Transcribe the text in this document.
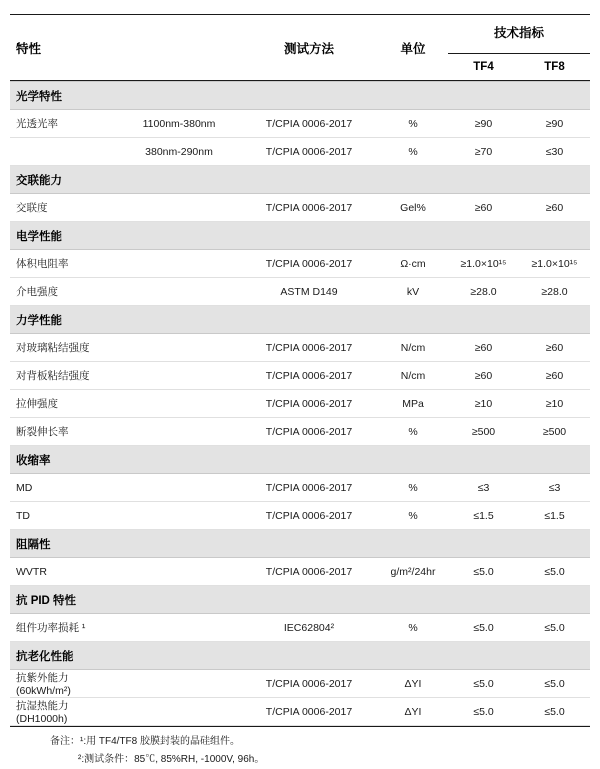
特性		测试方法	单位	技术指标	
				TF4	TF8

光学特性					
光透光率	1100nm-380nm	T/CPIA 0006-2017	%	≥90	≥90
	380nm-290nm	T/CPIA 0006-2017	%	≥70	≤30
交联能力					
交联度		T/CPIA 0006-2017	Gel%	≥60	≥60
电学性能					
体积电阻率		T/CPIA 0006-2017	Ω·cm	≥1.0×10¹⁵	≥1.0×10¹⁵
介电强度		ASTM D149	kV	≥28.0	≥28.0
力学性能					
对玻璃粘结强度		T/CPIA 0006-2017	N/cm	≥60	≥60
对背板粘结强度		T/CPIA 0006-2017	N/cm	≥60	≥60
拉伸强度		T/CPIA 0006-2017	MPa	≥10	≥10
断裂伸长率		T/CPIA 0006-2017	%	≥500	≥500
收缩率					
MD		T/CPIA 0006-2017	%	≤3	≤3
TD		T/CPIA 0006-2017	%	≤1.5	≤1.5
阻隔性					
WVTR		T/CPIA 0006-2017	g/m²/24hr	≤5.0	≤5.0
抗 PID 特性					
组件功率损耗 ¹		IEC62804²	%	≤5.0	≤5.0
抗老化性能					
抗紫外能力(60kWh/m²)		T/CPIA 0006-2017	ΔYI	≤5.0	≤5.0
抗湿热能力(DH1000h)		T/CPIA 0006-2017	ΔYI	≤5.0	≤5.0
备注：¹:用 TF4/TF8 胶膜封装的晶硅组件。
²:测试条件：85℃, 85%RH, -1000V, 96h。
